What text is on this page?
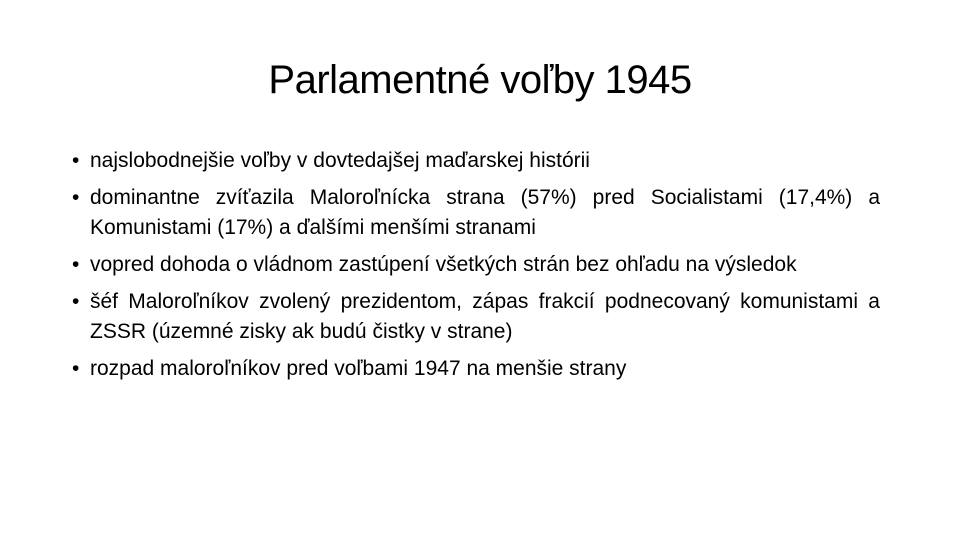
Parlamentné voľby 1945
• najslobodnejšie voľby v dovtedajšej maďarskej histórii
• dominantne zvíťazila Maloroľnícka strana (57%) pred Socialistami (17,4%) a Komunistami (17%) a ďalšími menšími stranami
• vopred dohoda o vládnom zastúpení všetkých strán bez ohľadu na výsledok
• šéf Maloroľníkov zvolený prezidentom, zápas frakcií podnecovaný komunistami a ZSSR (územné zisky ak budú čistky v strane)
• rozpad maloroľníkov pred voľbami 1947 na menšie strany
